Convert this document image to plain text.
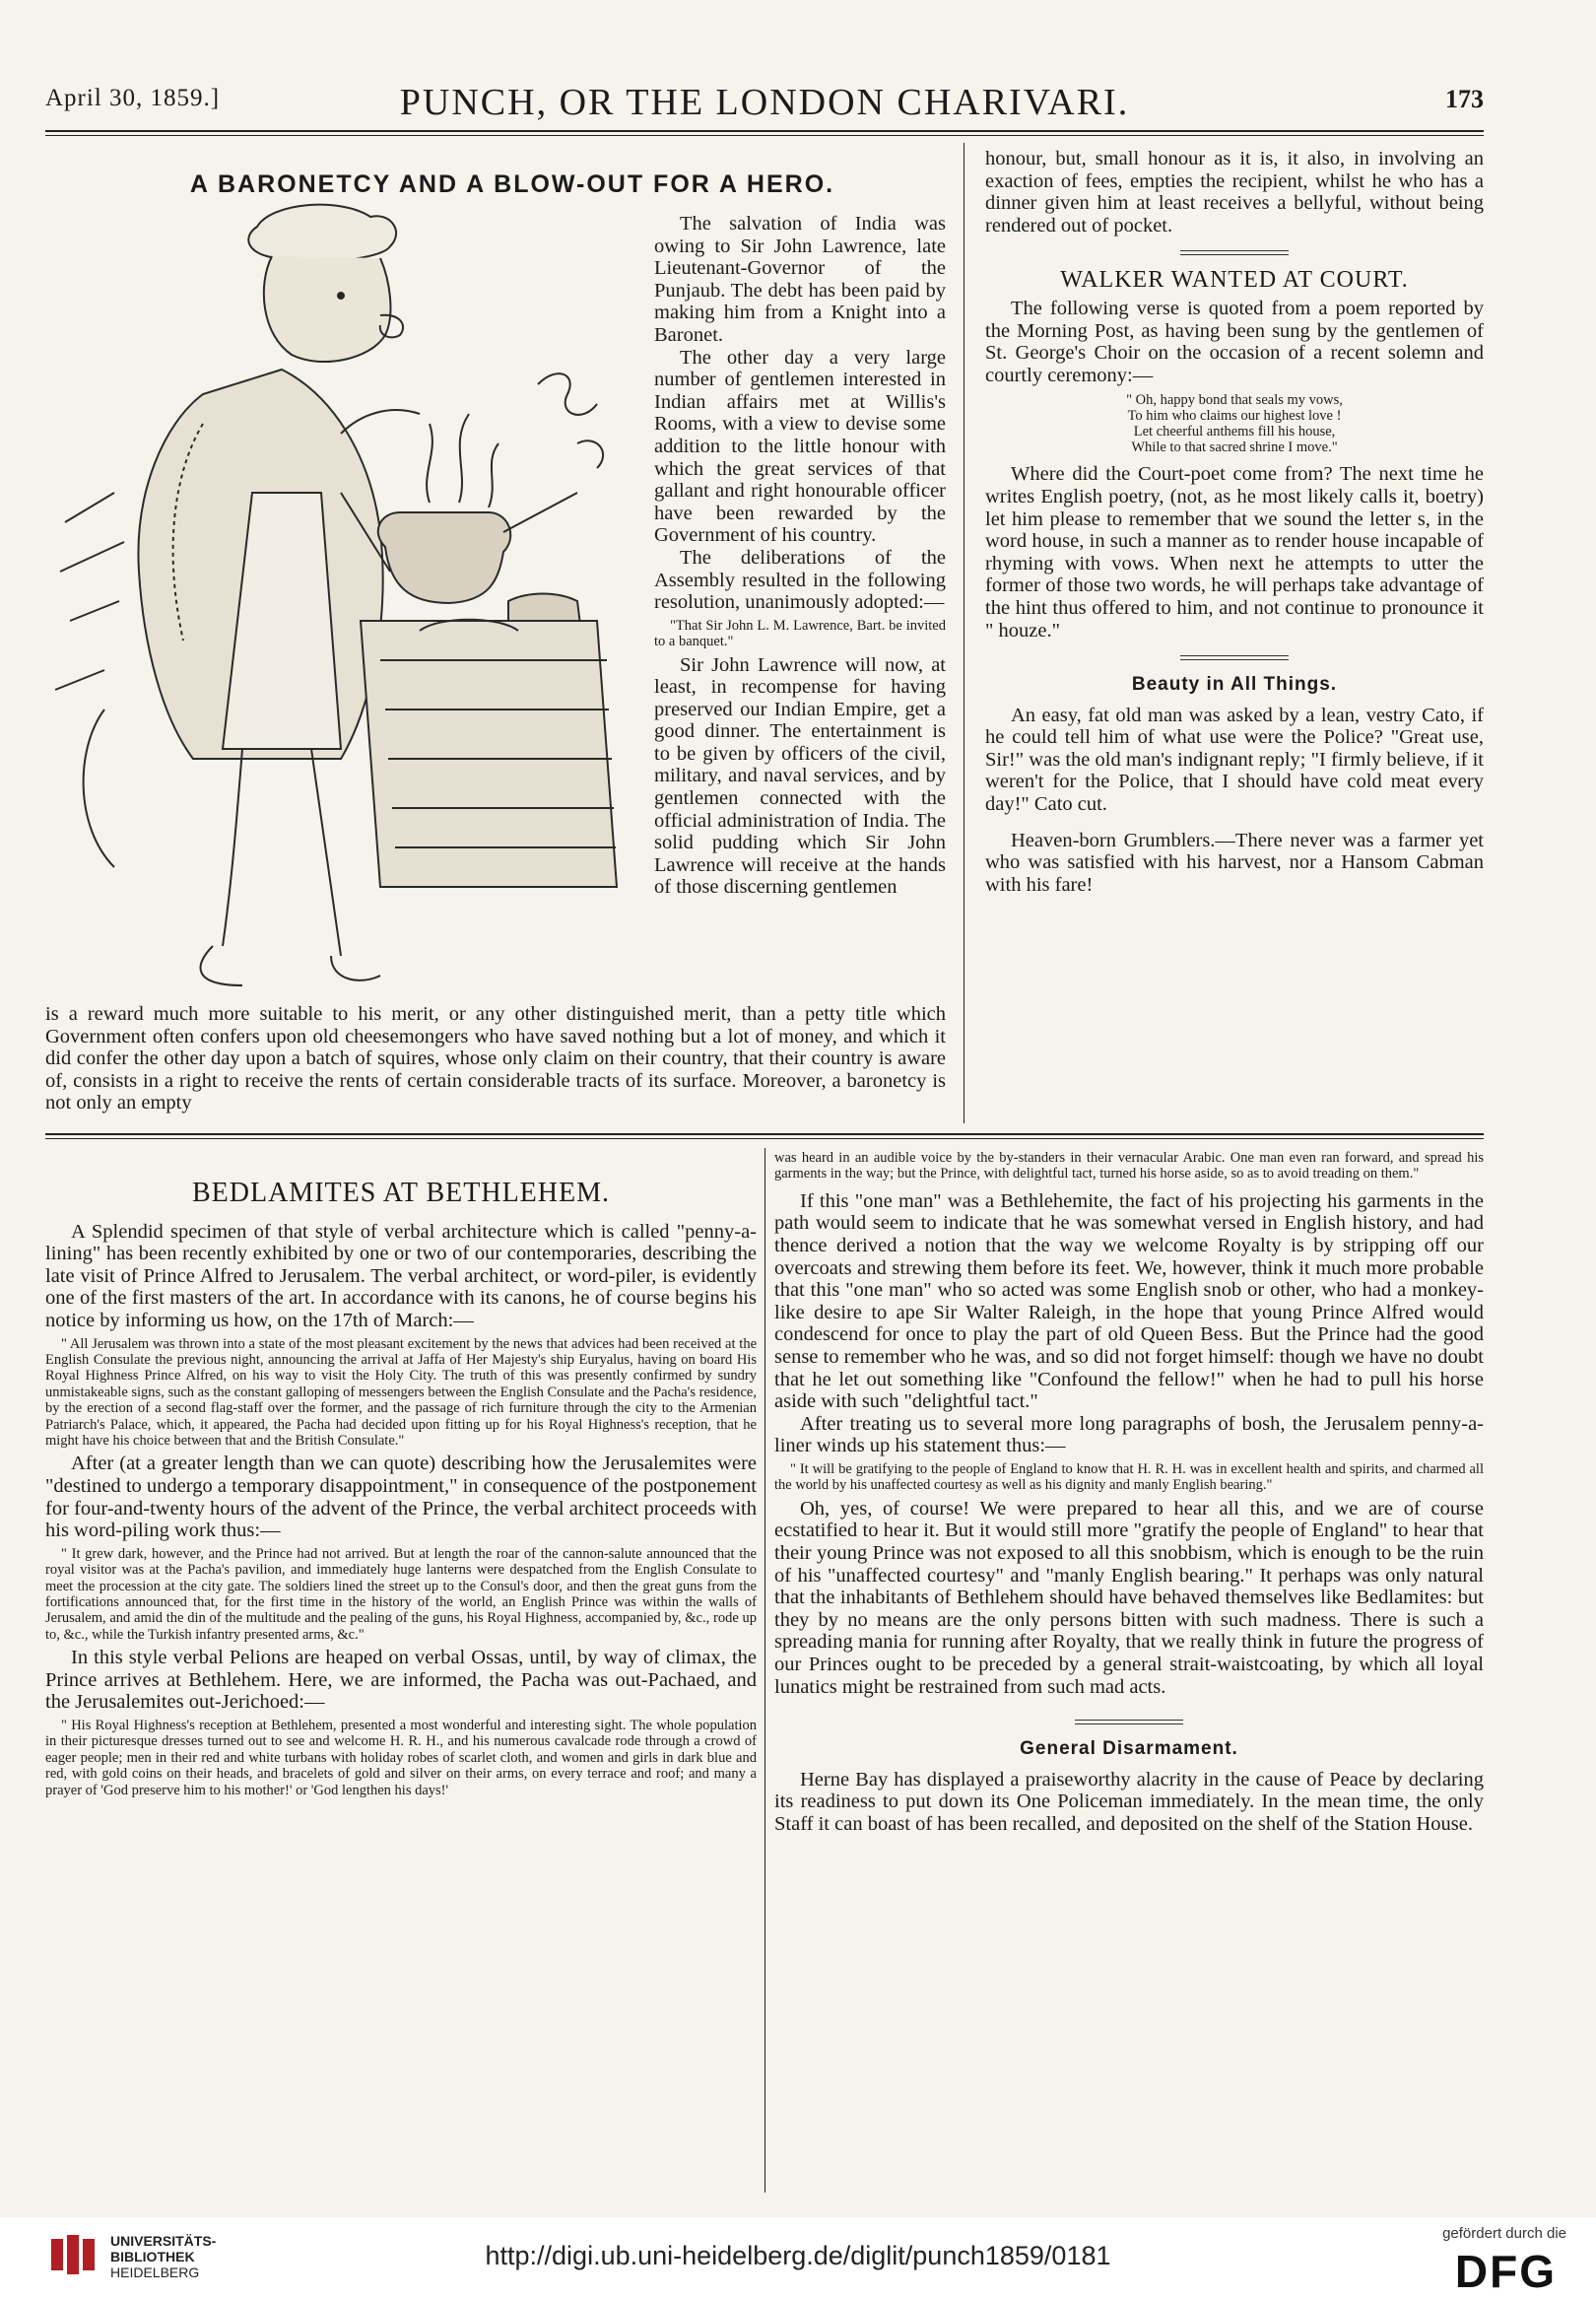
April 30, 1859.]	PUNCH, OR THE LONDON CHARIVARI.	173
A BARONETCY AND A BLOW-OUT FOR A HERO.

The salvation of India was owing to Sir John Lawrence, late Lieutenant-Governor of the Punjaub. The debt has been paid by making him from a Knight into a Baronet.

The other day a very large number of gentlemen interested in Indian affairs met at Willis's Rooms, with a view to devise some addition to the little honour with which the great services of that gallant and right honourable officer have been rewarded by the Government of his country.

The deliberations of the Assembly resulted in the following resolution, unanimously adopted:—

"That Sir John L. M. Lawrence, Bart. be invited to a banquet."

Sir John Lawrence will now, at least, in recompense for having preserved our Indian Empire, get a good dinner. The entertainment is to be given by officers of the civil, military, and naval services, and by gentlemen connected with the official administration of India. The solid pudding which Sir John Lawrence will receive at the hands of those discerning gentlemen

is a reward much more suitable to his merit, or any other distinguished merit, than a petty title which Government often confers upon old cheesemongers who have saved nothing but a lot of money, and which it did confer the other day upon a batch of squires, whose only claim on their country, that their country is aware of, consists in a right to receive the rents of certain considerable tracts of its surface. Moreover, a baronetcy is not only an empty

honour, but, small honour as it is, it also, in involving an exaction of fees, empties the recipient, whilst he who has a dinner given him at least receives a bellyful, without being rendered out of pocket.

WALKER WANTED AT COURT.

The following verse is quoted from a poem reported by the Morning Post, as having been sung by the gentlemen of St. George's Choir on the occasion of a recent solemn and courtly ceremony:—

" Oh, happy bond that seals my vows,
To him who claims our highest love !
Let cheerful anthems fill his house,
While to that sacred shrine I move."

Where did the Court-poet come from? The next time he writes English poetry, (not, as he most likely calls it, boetry) let him please to remember that we sound the letter s, in the word house, in such a manner as to render house incapable of rhyming with vows. When next he attempts to utter the former of those two words, he will perhaps take advantage of the hint thus offered to him, and not continue to pronounce it " houze."

Beauty in All Things.

An easy, fat old man was asked by a lean, vestry Cato, if he could tell him of what use were the Police? "Great use, Sir!" was the old man's indignant reply; "I firmly believe, if it weren't for the Police, that I should have cold meat every day!" Cato cut.

Heaven-born Grumblers.—There never was a farmer yet who was satisfied with his harvest, nor a Hansom Cabman with his fare!

BEDLAMITES AT BETHLEHEM.

A Splendid specimen of that style of verbal architecture which is called "penny-a-lining" has been recently exhibited by one or two of our contemporaries, describing the late visit of Prince Alfred to Jerusalem. The verbal architect, or word-piler, is evidently one of the first masters of the art. In accordance with its canons, he of course begins his notice by informing us how, on the 17th of March:—

" All Jerusalem was thrown into a state of the most pleasant excitement by the news that advices had been received at the English Consulate the previous night, announcing the arrival at Jaffa of Her Majesty's ship Euryalus, having on board His Royal Highness Prince Alfred, on his way to visit the Holy City. The truth of this was presently confirmed by sundry unmistakeable signs, such as the constant galloping of messengers between the English Consulate and the Pacha's residence, by the erection of a second flag-staff over the former, and the passage of rich furniture through the city to the Armenian Patriarch's Palace, which, it appeared, the Pacha had decided upon fitting up for his Royal Highness's reception, that he might have his choice between that and the British Consulate."

After (at a greater length than we can quote) describing how the Jerusalemites were "destined to undergo a temporary disappointment," in consequence of the postponement for four-and-twenty hours of the advent of the Prince, the verbal architect proceeds with his word-piling work thus:—

" It grew dark, however, and the Prince had not arrived. But at length the roar of the cannon-salute announced that the royal visitor was at the Pacha's pavilion, and immediately huge lanterns were despatched from the English Consulate to meet the procession at the city gate. The soldiers lined the street up to the Consul's door, and then the great guns from the fortifications announced that, for the first time in the history of the world, an English Prince was within the walls of Jerusalem, and amid the din of the multitude and the pealing of the guns, his Royal Highness, accompanied by, &c., rode up to, &c., while the Turkish infantry presented arms, &c."

In this style verbal Pelions are heaped on verbal Ossas, until, by way of climax, the Prince arrives at Bethlehem. Here, we are informed, the Pacha was out-Pachaed, and the Jerusalemites out-Jerichoed:—

" His Royal Highness's reception at Bethlehem, presented a most wonderful and interesting sight. The whole population in their picturesque dresses turned out to see and welcome H. R. H., and his numerous cavalcade rode through a crowd of eager people; men in their red and white turbans with holiday robes of scarlet cloth, and women and girls in dark blue and red, with gold coins on their heads, and bracelets of gold and silver on their arms, on every terrace and roof; and many a prayer of 'God preserve him to his mother!' or 'God lengthen his days!'

was heard in an audible voice by the by-standers in their vernacular Arabic. One man even ran forward, and spread his garments in the way; but the Prince, with delightful tact, turned his horse aside, so as to avoid treading on them."

If this "one man" was a Bethlehemite, the fact of his projecting his garments in the path would seem to indicate that he was somewhat versed in English history, and had thence derived a notion that the way we welcome Royalty is by stripping off our overcoats and strewing them before its feet. We, however, think it much more probable that this "one man" who so acted was some English snob or other, who had a monkey-like desire to ape Sir Walter Raleigh, in the hope that young Prince Alfred would condescend for once to play the part of old Queen Bess. But the Prince had the good sense to remember who he was, and so did not forget himself: though we have no doubt that he let out something like "Confound the fellow!" when he had to pull his horse aside with such "delightful tact."

After treating us to several more long paragraphs of bosh, the Jerusalem penny-a-liner winds up his statement thus:—

" It will be gratifying to the people of England to know that H. R. H. was in excellent health and spirits, and charmed all the world by his unaffected courtesy as well as his dignity and manly English bearing."

Oh, yes, of course! We were prepared to hear all this, and we are of course ecstatified to hear it. But it would still more "gratify the people of England" to hear that their young Prince was not exposed to all this snobbism, which is enough to be the ruin of his "unaffected courtesy" and "manly English bearing." It perhaps was only natural that the inhabitants of Bethlehem should have behaved themselves like Bedlamites: but they by no means are the only persons bitten with such madness. There is such a spreading mania for running after Royalty, that we really think in future the progress of our Princes ought to be preceded by a general strait-waistcoating, by which all loyal lunatics might be restrained from such mad acts.

General Disarmament.

Herne Bay has displayed a praiseworthy alacrity in the cause of Peace by declaring its readiness to put down its One Policeman immediately. In the mean time, the only Staff it can boast of has been recalled, and deposited on the shelf of the Station House.

UNIVERSITÄTS-
BIBLIOTHEK
HEIDELBERG
http://digi.ub.uni-heidelberg.de/diglit/punch1859/0181
gefördert durch die
DFG
